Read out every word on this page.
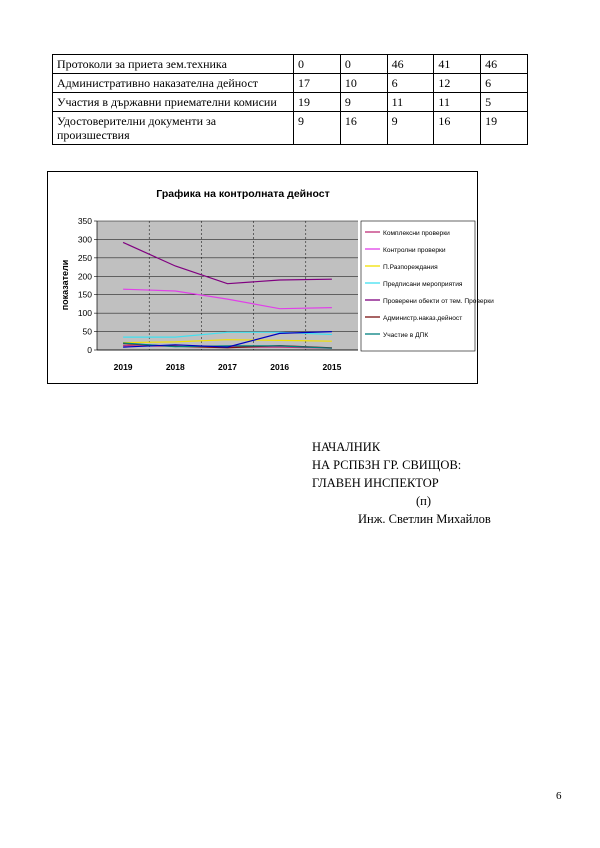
Протоколи за приета зем.техника	0	0	46	41	46
Административно наказателна дейност	17	10	6	12	6
Участия в държавни приемателни комисии	19	9	11	11	5
Удостоверителни документи за произшествия	9	16	9	16	19
Графика на контролната дейност
0
50
100
150
200
250
300
350
2019	2018	2017	2016	2015
показатели
Комплексни проверки
Контролни проверки
П.Разпореждания
Предписани мероприятия
Проверени обекти от тем. Проверки
Администр.наказ.дейност
Участие в ДПК
НАЧАЛНИК
НА РСПБЗН ГР. СВИЩОВ:
ГЛАВЕН ИНСПЕКТОР
(п)
Инж. Светлин Михайлов
6
